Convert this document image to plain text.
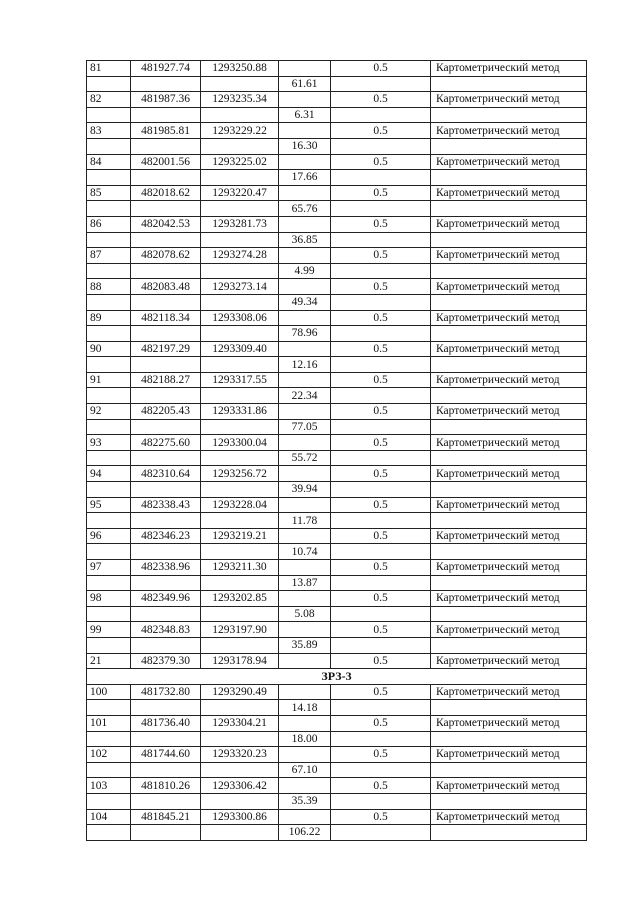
81	481927.74	1293250.88		0.5	Картометрический метод
			61.61		
82	481987.36	1293235.34		0.5	Картометрический метод
			6.31		
83	481985.81	1293229.22		0.5	Картометрический метод
			16.30		
84	482001.56	1293225.02		0.5	Картометрический метод
			17.66		
85	482018.62	1293220.47		0.5	Картометрический метод
			65.76		
86	482042.53	1293281.73		0.5	Картометрический метод
			36.85		
87	482078.62	1293274.28		0.5	Картометрический метод
			4.99		
88	482083.48	1293273.14		0.5	Картометрический метод
			49.34		
89	482118.34	1293308.06		0.5	Картометрический метод
			78.96		
90	482197.29	1293309.40		0.5	Картометрический метод
			12.16		
91	482188.27	1293317.55		0.5	Картометрический метод
			22.34		
92	482205.43	1293331.86		0.5	Картометрический метод
			77.05		
93	482275.60	1293300.04		0.5	Картометрический метод
			55.72		
94	482310.64	1293256.72		0.5	Картометрический метод
			39.94		
95	482338.43	1293228.04		0.5	Картометрический метод
			11.78		
96	482346.23	1293219.21		0.5	Картометрический метод
			10.74		
97	482338.96	1293211.30		0.5	Картометрический метод
			13.87		
98	482349.96	1293202.85		0.5	Картометрический метод
			5.08		
99	482348.83	1293197.90		0.5	Картометрический метод
			35.89		
21	482379.30	1293178.94		0.5	Картометрический метод
ЗРЗ-3					
100	481732.80	1293290.49		0.5	Картометрический метод
			14.18		
101	481736.40	1293304.21		0.5	Картометрический метод
			18.00		
102	481744.60	1293320.23		0.5	Картометрический метод
			67.10		
103	481810.26	1293306.42		0.5	Картометрический метод
			35.39		
104	481845.21	1293300.86		0.5	Картометрический метод
			106.22		
